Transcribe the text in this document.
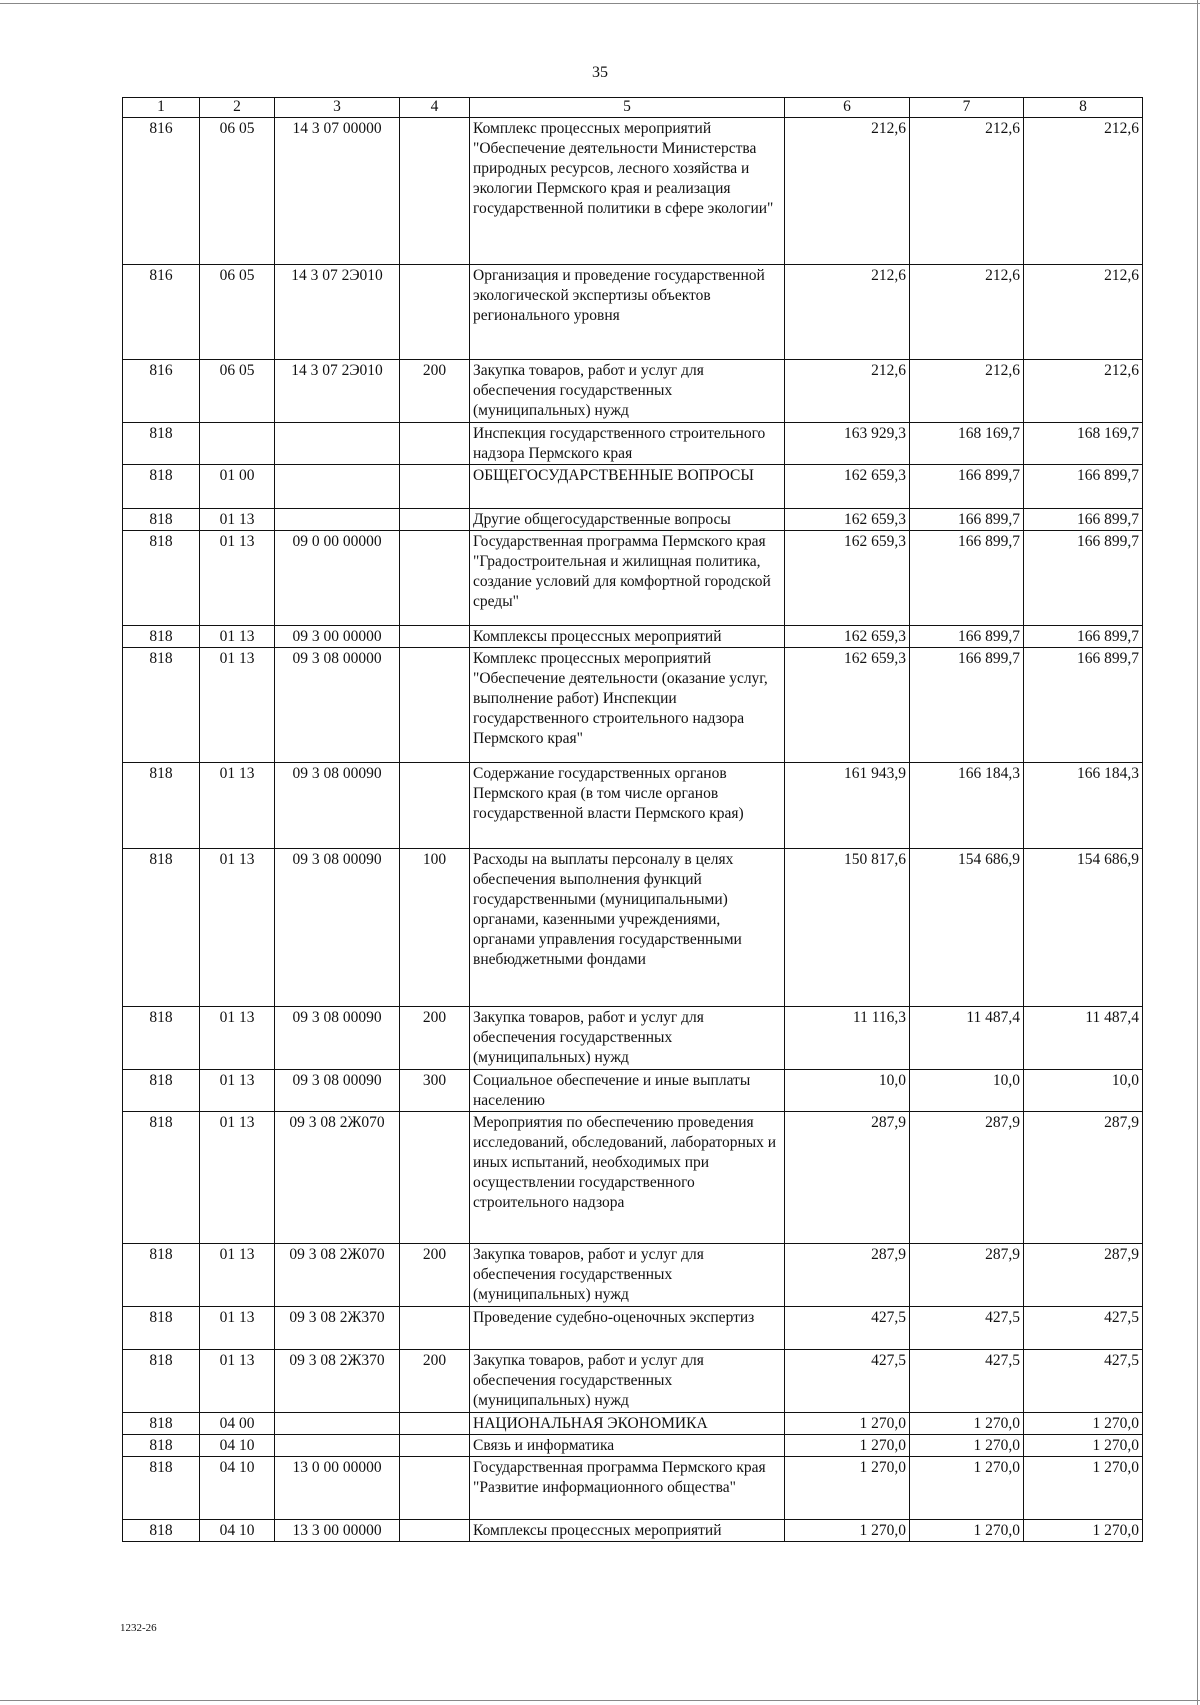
35
1	2	3	4	5	6	7	8
816	06 05	14 3 07 00000		Комплекс процессных мероприятий "Обеспечение деятельности Министерства природных ресурсов, лесного хозяйства и экологии Пермского края и реализация государственной политики в сфере экологии"	212,6	212,6	212,6
816	06 05	14 3 07 2Э010		Организация и проведение государственной экологической экспертизы объектов регионального уровня	212,6	212,6	212,6
816	06 05	14 3 07 2Э010	200	Закупка товаров, работ и услуг для обеспечения государственных (муниципальных) нужд	212,6	212,6	212,6
818				Инспекция государственного строительного надзора Пермского края	163 929,3	168 169,7	168 169,7
818	01 00			ОБЩЕГОСУДАРСТВЕННЫЕ ВОПРОСЫ	162 659,3	166 899,7	166 899,7
818	01 13			Другие общегосударственные вопросы	162 659,3	166 899,7	166 899,7
818	01 13	09 0 00 00000		Государственная программа Пермского края "Градостроительная и жилищная политика, создание условий для комфортной городской среды"	162 659,3	166 899,7	166 899,7
818	01 13	09 3 00 00000		Комплексы процессных мероприятий	162 659,3	166 899,7	166 899,7
818	01 13	09 3 08 00000		Комплекс процессных мероприятий "Обеспечение деятельности (оказание услуг, выполнение работ) Инспекции государственного строительного надзора Пермского края"	162 659,3	166 899,7	166 899,7
818	01 13	09 3 08 00090		Содержание государственных органов Пермского края (в том числе органов государственной власти Пермского края)	161 943,9	166 184,3	166 184,3
818	01 13	09 3 08 00090	100	Расходы на выплаты персоналу в целях обеспечения выполнения функций государственными (муниципальными) органами, казенными учреждениями, органами управления государственными внебюджетными фондами	150 817,6	154 686,9	154 686,9
818	01 13	09 3 08 00090	200	Закупка товаров, работ и услуг для обеспечения государственных (муниципальных) нужд	11 116,3	11 487,4	11 487,4
818	01 13	09 3 08 00090	300	Социальное обеспечение и иные выплаты населению	10,0	10,0	10,0
818	01 13	09 3 08 2Ж070		Мероприятия по обеспечению проведения исследований, обследований, лабораторных и иных испытаний, необходимых при осуществлении государственного строительного надзора	287,9	287,9	287,9
818	01 13	09 3 08 2Ж070	200	Закупка товаров, работ и услуг для обеспечения государственных (муниципальных) нужд	287,9	287,9	287,9
818	01 13	09 3 08 2Ж370		Проведение судебно-оценочных экспертиз	427,5	427,5	427,5
818	01 13	09 3 08 2Ж370	200	Закупка товаров, работ и услуг для обеспечения государственных (муниципальных) нужд	427,5	427,5	427,5
818	04 00			НАЦИОНАЛЬНАЯ ЭКОНОМИКА	1 270,0	1 270,0	1 270,0
818	04 10			Связь и информатика	1 270,0	1 270,0	1 270,0
818	04 10	13 0 00 00000		Государственная программа Пермского края "Развитие информационного общества"	1 270,0	1 270,0	1 270,0
818	04 10	13 3 00 00000		Комплексы процессных мероприятий	1 270,0	1 270,0	1 270,0
1232-26
